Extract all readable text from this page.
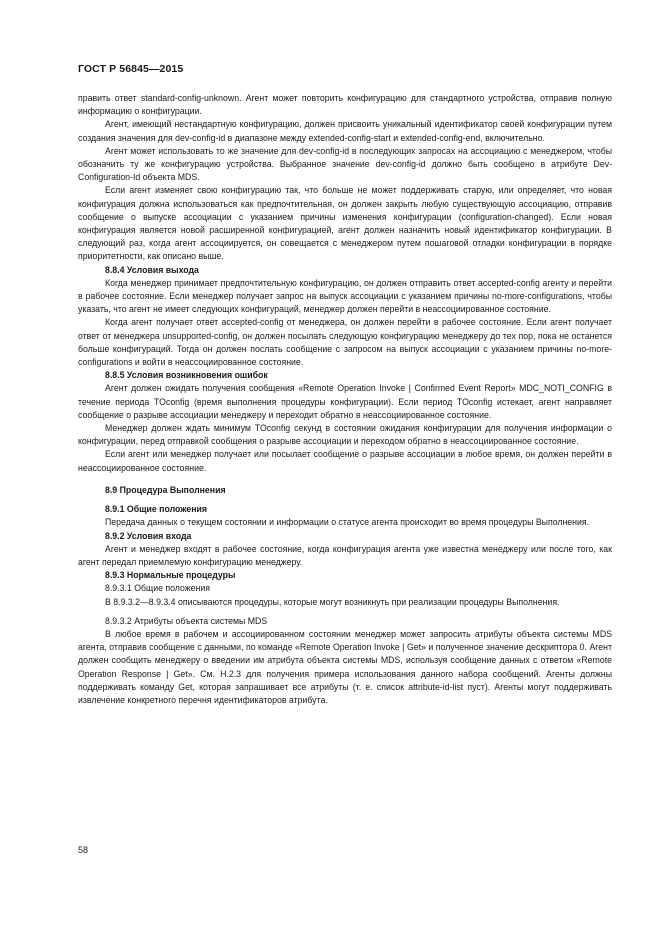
ГОСТ Р 56845—2015

править ответ standard-config-unknown. Агент может повторить конфигурацию для стандартного устройства, отправив полную информацию о конфигурации.

Агент, имеющий нестандартную конфигурацию, должен присвоить уникальный идентификатор своей конфигурации путем создания значения для dev-config-id в диапазоне между extended-config-start и extended-config-end, включительно.

Агент может использовать то же значение для dev-config-id в последующих запросах на ассоциацию с менеджером, чтобы обозначить ту же конфигурацию устройства. Выбранное значение dev-config-id должно быть сообщено в атрибуте Dev-Configuration-Id объекта MDS.

Если агент изменяет свою конфигурацию так, что больше не может поддерживать старую, или определяет, что новая конфигурация должна использоваться как предпочтительная, он должен закрыть любую существующую ассоциацию, отправив сообщение о выпуске ассоциации с указанием причины изменения конфигурации (configuration-changed). Если новая конфигурация является новой расширенной конфигурацией, агент должен назначить новый идентификатор конфигурации. В следующий раз, когда агент ассоциируется, он совещается с менеджером путем пошаговой отладки конфигурации в порядке приоритетности, как описано выше.

8.8.4 Условия выхода

Когда менеджер принимает предпочтительную конфигурацию, он должен отправить ответ accepted-config агенту и перейти в рабочее состояние. Если менеджер получает запрос на выпуск ассоциации с указанием причины no-more-configurations, чтобы указать, что агент не имеет следующих конфигураций, менеджер должен перейти в неассоциированное состояние.

Когда агент получает ответ accepted-config от менеджера, он должен перейти в рабочее состояние. Если агент получает ответ от менеджера unsupported-config, он должен посылать следующую конфигурацию менеджеру до тех пор, пока не останется больше конфигураций. Тогда он должен послать сообщение с запросом на выпуск ассоциации с указанием причины no-more-configurations и войти в неассоциированное состояние.

8.8.5 Условия возникновения ошибок

Агент должен ожидать получения сообщения «Remote Operation Invoke | Confirmed Event Report» MDC_NOTI_CONFIG в течение периода TOconfig (время выполнения процедуры конфигурации). Если период TOconfig истекает, агент направляет сообщение о разрыве ассоциации менеджеру и переходит обратно в неассоциированное состояние.

Менеджер должен ждать минимум TOconfig секунд в состоянии ожидания конфигурации для получения информации о конфигурации, перед отправкой сообщения о разрыве ассоциации и переходом обратно в неассоциированное состояние.

Если агент или менеджер получает или посылает сообщение о разрыве ассоциации в любое время, он должен перейти в неассоциированное состояние.

8.9 Процедура Выполнения

8.9.1 Общие положения

Передача данных о текущем состоянии и информации о статусе агента происходит во время процедуры Выполнения.

8.9.2 Условия входа

Агент и менеджер входят в рабочее состояние, когда конфигурация агента уже известна менеджеру или после того, как агент передал приемлемую конфигурацию менеджеру.

8.9.3 Нормальные процедуры

8.9.3.1 Общие положения

В 8.9.3.2—8.9.3.4 описываются процедуры, которые могут возникнуть при реализации процедуры Выполнения.

8.9.3.2 Атрибуты объекта системы MDS

В любое время в рабочем и ассоциированном состоянии менеджер может запросить атрибуты объекта системы MDS агента, отправив сообщение с данными, по команде «Remote Operation Invoke | Get» и полученное значение дескриптора 0. Агент должен сообщить менеджеру о введении им атрибута объекта системы MDS, используя сообщение данных с ответом «Remote Operation Response | Get». См. Н.2.3 для получения примера использования данного набора сообщений. Агенты должны поддерживать команду Get, которая запрашивает все атрибуты (т. е. список attribute-id-list пуст). Агенты могут поддерживать извлечение конкретного перечня идентификаторов атрибута.

58
